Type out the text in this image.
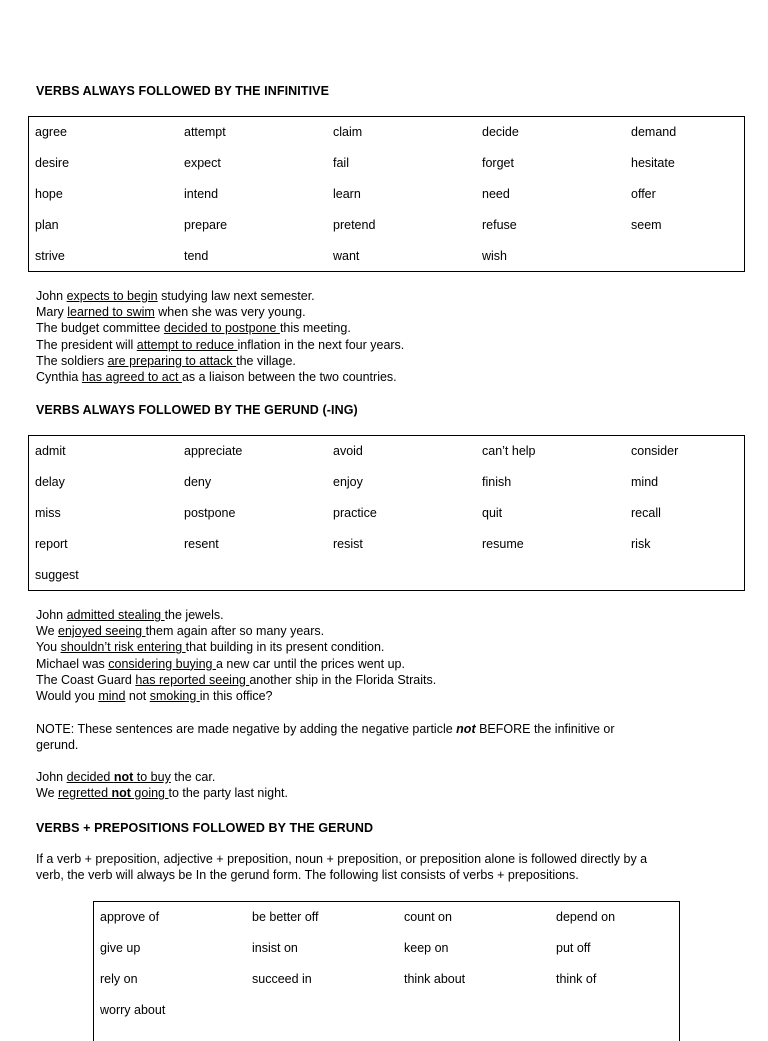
VERBS ALWAYS FOLLOWED BY THE INFINITIVE
agree	attempt	claim	decide	demand
desire	expect	fail	forget	hesitate
hope	intend	learn	need	offer
plan	prepare	pretend	refuse	seem
strive	tend	want	wish	
John expects to begin studying law next semester.
Mary learned to swim when she was very young.
The budget committee decided to postpone this meeting.
The president will attempt to reduce inflation in the next four years.
The soldiers are preparing to attack the village.
Cynthia has agreed to act as a liaison between the two countries.
VERBS ALWAYS FOLLOWED BY THE GERUND (-ING)
admit	appreciate	avoid	can’t help	consider
delay	deny	enjoy	finish	mind
miss	postpone	practice	quit	recall
report	resent	resist	resume	risk
suggest				
John admitted stealing the jewels.
We enjoyed seeing them again after so many years.
You shouldn’t risk entering that building in its present condition.
Michael was considering buying a new car until the prices went up.
The Coast Guard has reported seeing another ship in the Florida Straits.
Would you mind not smoking in this office?
NOTE: These sentences are made negative by adding the negative particle not BEFORE the infinitive or
gerund.
John decided not to buy the car.
We regretted not going to the party last night.
VERBS + PREPOSITIONS FOLLOWED BY THE GERUND
If a verb + preposition, adjective + preposition, noun + preposition, or preposition alone is followed directly by a
verb, the verb will always be In the gerund form. The following list consists of verbs + prepositions.
approve of	be better off	count on	depend on
give up	insist on	keep on	put off
rely on	succeed in	think about	think of
worry about			
